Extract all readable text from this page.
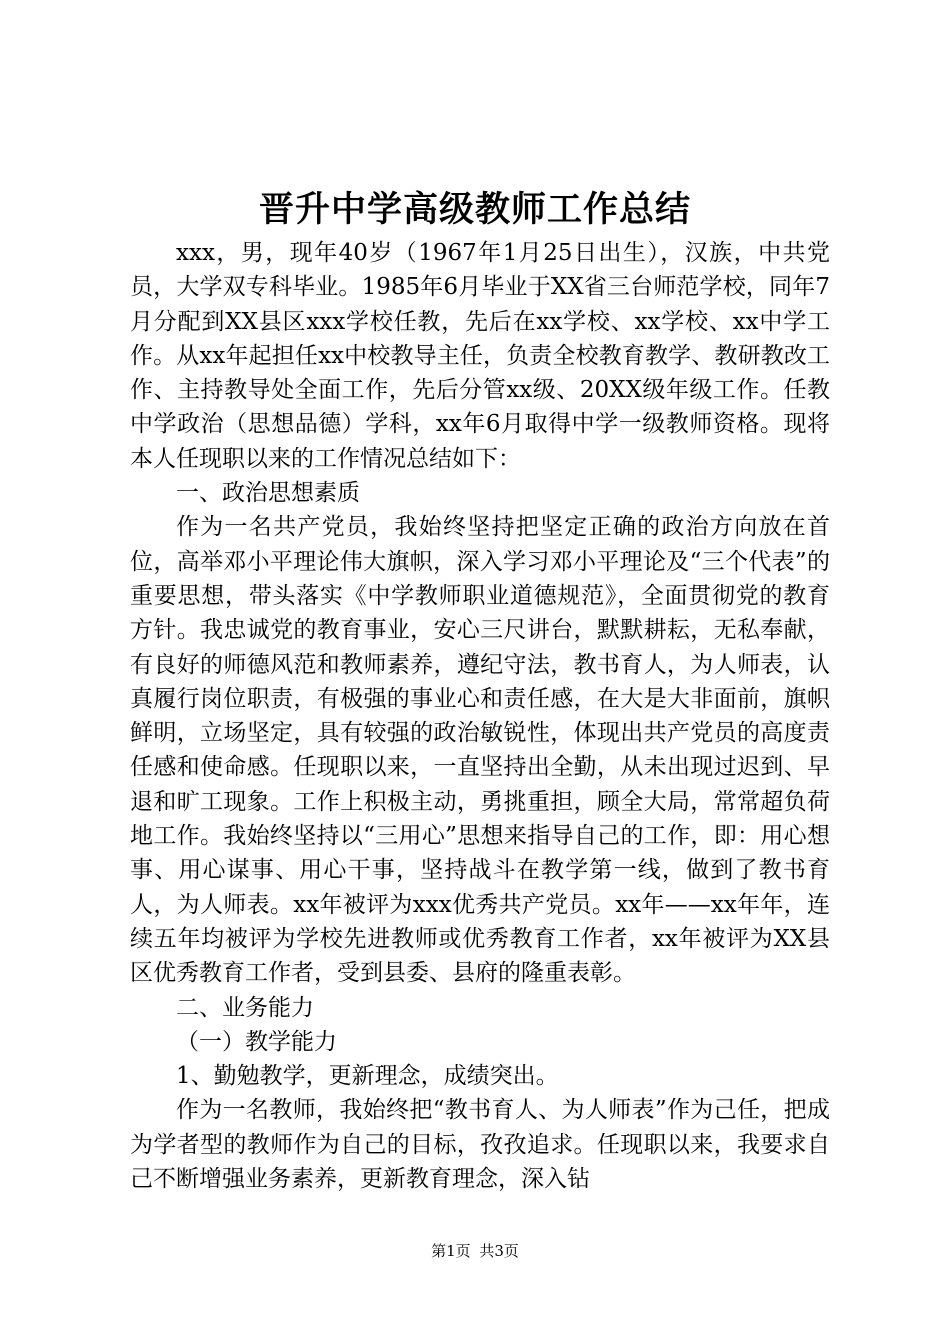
晋升中学高级教师工作总结

xxx，男，现年40岁（1967年1月25日出生），汉族，中共党员，大学双专科毕业。1985年6月毕业于XX省三台师范学校，同年7月分配到XX县区xxx学校任教，先后在xx学校、xx学校、xx中学工作。从xx年起担任xx中校教导主任，负责全校教育教学、教研教改工作、主持教导处全面工作，先后分管xx级、20XX级年级工作。任教中学政治（思想品德）学科，xx年6月取得中学一级教师资格。现将本人任现职以来的工作情况总结如下：

一、政治思想素质

作为一名共产党员，我始终坚持把坚定正确的政治方向放在首位，高举邓小平理论伟大旗帜，深入学习邓小平理论及“三个代表”的重要思想，带头落实《中学教师职业道德规范》，全面贯彻党的教育方针。我忠诚党的教育事业，安心三尺讲台，默默耕耘，无私奉献，有良好的师德风范和教师素养，遵纪守法，教书育人，为人师表，认真履行岗位职责，有极强的事业心和责任感，在大是大非面前，旗帜鲜明，立场坚定，具有较强的政治敏锐性，体现出共产党员的高度责任感和使命感。任现职以来，一直坚持出全勤，从未出现过迟到、早退和旷工现象。工作上积极主动，勇挑重担，顾全大局，常常超负荷地工作。我始终坚持以“三用心”思想来指导自己的工作，即：用心想事、用心谋事、用心干事，坚持战斗在教学第一线，做到了教书育人，为人师表。xx年被评为xxx优秀共产党员。xx年——xx年年，连续五年均被评为学校先进教师或优秀教育工作者，xx年被评为XX县区优秀教育工作者，受到县委、县府的隆重表彰。

二、业务能力

（一）教学能力

1、勤勉教学，更新理念，成绩突出。

作为一名教师，我始终把“教书育人、为人师表”作为己任，把成为学者型的教师作为自己的目标，孜孜追求。任现职以来，我要求自己不断增强业务素养，更新教育理念，深入钻

第1页 共3页
